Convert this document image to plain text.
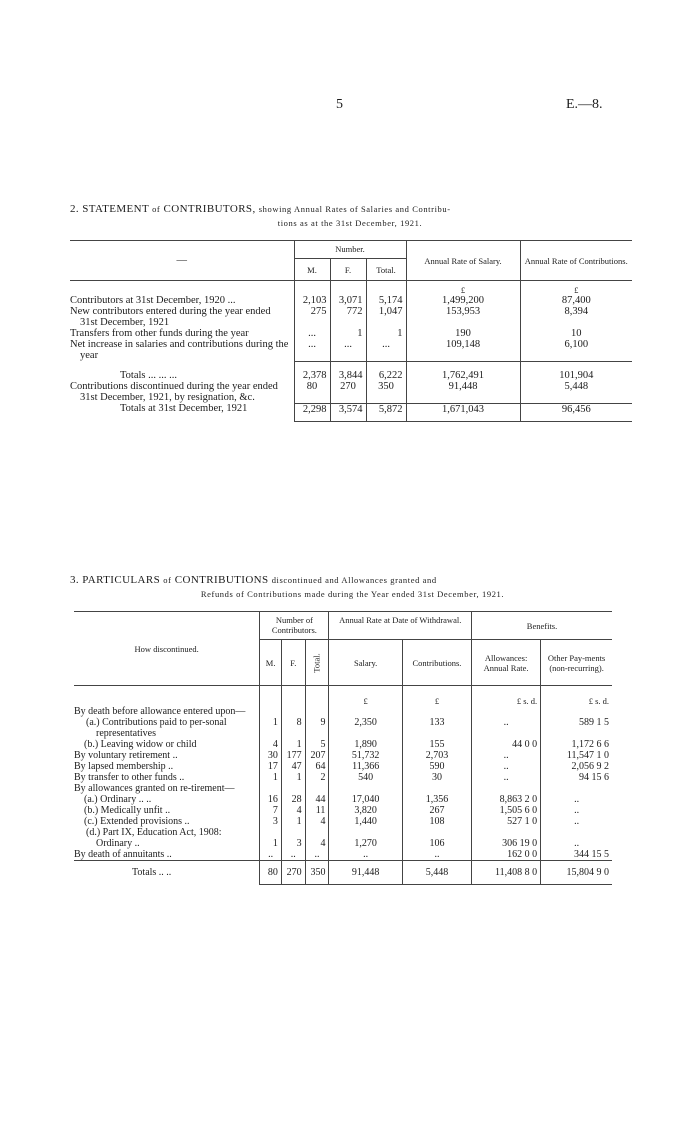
5	E.—8.
2. STATEMENT of CONTRIBUTORS, showing Annual Rates of Salaries and Contribu-
tions as at the 31st December, 1921.
—	Number.			Annual Rate of Salary.	Annual Rate of Contributions.
	M.	F.	Total.		
				£	£
Contributors at 31st December, 1920 ...	2,103	3,071	5,174	1,499,200	87,400
New contributors entered during the year ended 31st December, 1921	275	772	1,047	153,953	8,394
Transfers from other funds during the year	...	1	1	190	10
Net increase in salaries and contributions during the year	...	...	...	109,148	6,100
Totals ... ... ...	2,378	3,844	6,222	1,762,491	101,904
Contributions discontinued during the year ended 31st December, 1921, by resignation, &c.	80	270	350	91,448	5,448
Totals at 31st December, 1921	2,298	3,574	5,872	1,671,043	96,456
3. PARTICULARS of CONTRIBUTIONS discontinued and Allowances granted and
Refunds of Contributions made during the Year ended 31st December, 1921.
How discontinued.	Number of Contributors.			Annual Rate at Date of Withdrawal.		Benefits.	
	M.	F.	Total.	Salary.	Contributions.	Allowances: Annual Rate.	Other Pay-ments (non-recurring).
				£	£	£ s. d.	£ s. d.
By death before allowance entered upon—							
(a.) Contributions paid to per-sonal representatives	1	8	9	2,350	133	..	589 1 5
(b.) Leaving widow or child	4	1	5	1,890	155	44 0 0	1,172 6 6
By voluntary retirement ..	30	177	207	51,732	2,703	..	11,547 1 0
By lapsed membership ..	17	47	64	11,366	590	..	2,056 9 2
By transfer to other funds ..	1	1	2	540	30	..	94 15 6
By allowances granted on re-tirement—							
(a.) Ordinary .. ..	16	28	44	17,040	1,356	8,863 2 0	..
(b.) Medically unfit ..	7	4	11	3,820	267	1,505 6 0	..
(c.) Extended provisions ..	3	1	4	1,440	108	527 1 0	..
(d.) Part IX, Education Act, 1908: Ordinary ..	1	3	4	1,270	106	306 19 0	..
By death of annuitants ..	..	..	..	..	..	162 0 0	344 15 5
Totals .. ..	80	270	350	91,448	5,448	11,408 8 0	15,804 9 0
